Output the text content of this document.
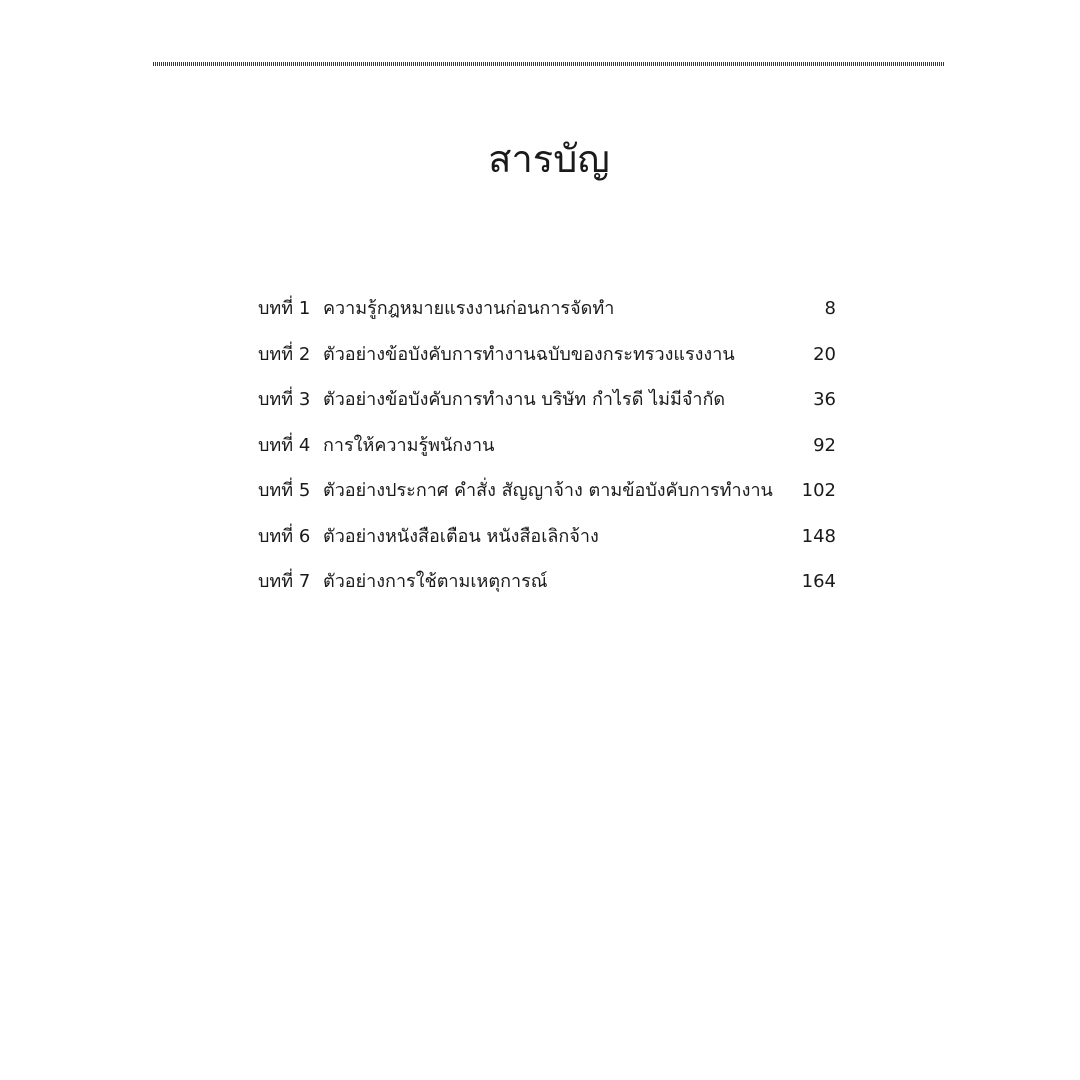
สารบัญ
บทที่ 1 ความรู้กฎหมายแรงงานก่อนการจัดทำ	8
บทที่ 2 ตัวอย่างข้อบังคับการทำงานฉบับของกระทรวงแรงงาน	20
บทที่ 3 ตัวอย่างข้อบังคับการทำงาน บริษัท กำไรดี ไม่มีจำกัด	36
บทที่ 4 การให้ความรู้พนักงาน	92
บทที่ 5 ตัวอย่างประกาศ คำสั่ง สัญญาจ้าง ตามข้อบังคับการทำงาน 102
บทที่ 6 ตัวอย่างหนังสือเตือน หนังสือเลิกจ้าง	148
บทที่ 7 ตัวอย่างการใช้ตามเหตุการณ์	164
